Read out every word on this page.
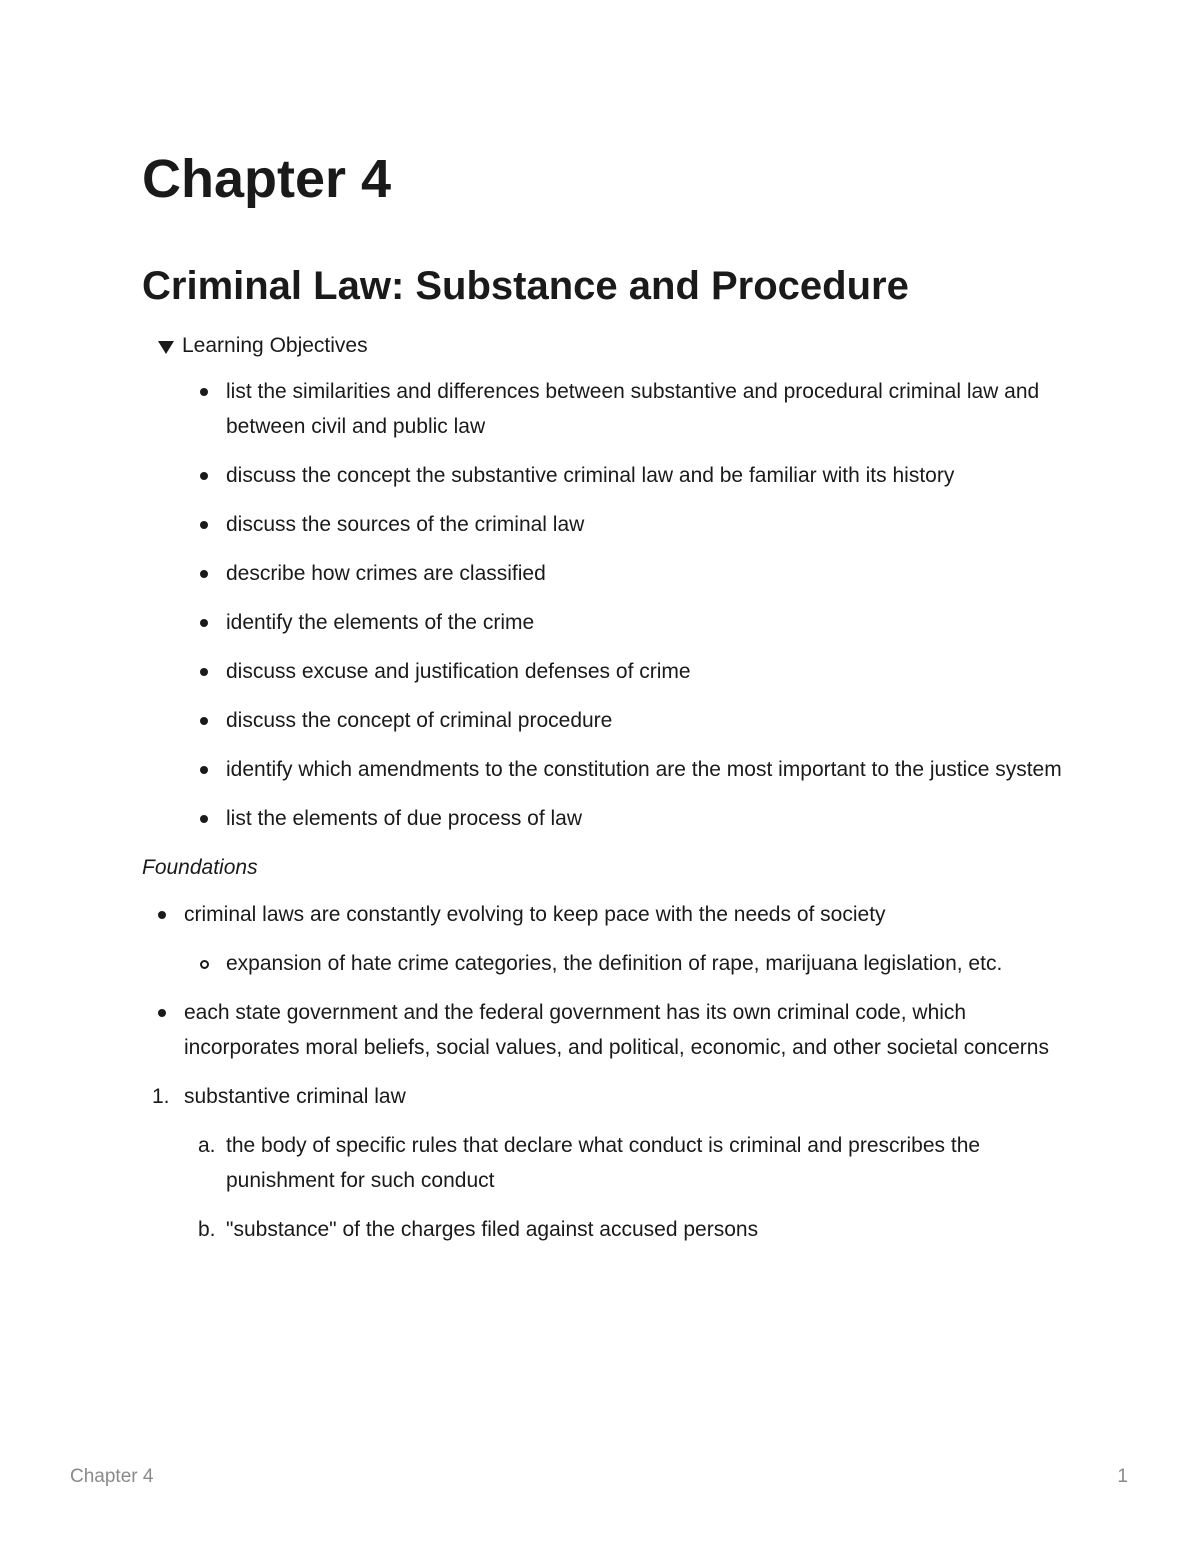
Chapter 4
Criminal Law: Substance and Procedure
Learning Objectives
list the similarities and differences between substantive and procedural criminal law and between civil and public law
discuss the concept the substantive criminal law and be familiar with its history
discuss the sources of the criminal law
describe how crimes are classified
identify the elements of the crime
discuss excuse and justification defenses of crime
discuss the concept of criminal procedure
identify which amendments to the constitution are the most important to the justice system
list the elements of due process of law
Foundations
criminal laws are constantly evolving to keep pace with the needs of society
expansion of hate crime categories, the definition of rape, marijuana legislation, etc.
each state government and the federal government has its own criminal code, which incorporates moral beliefs, social values, and political, economic, and other societal concerns
1. substantive criminal law
a. the body of specific rules that declare what conduct is criminal and prescribes the punishment for such conduct
b. "substance" of the charges filed against accused persons
Chapter 4	1
